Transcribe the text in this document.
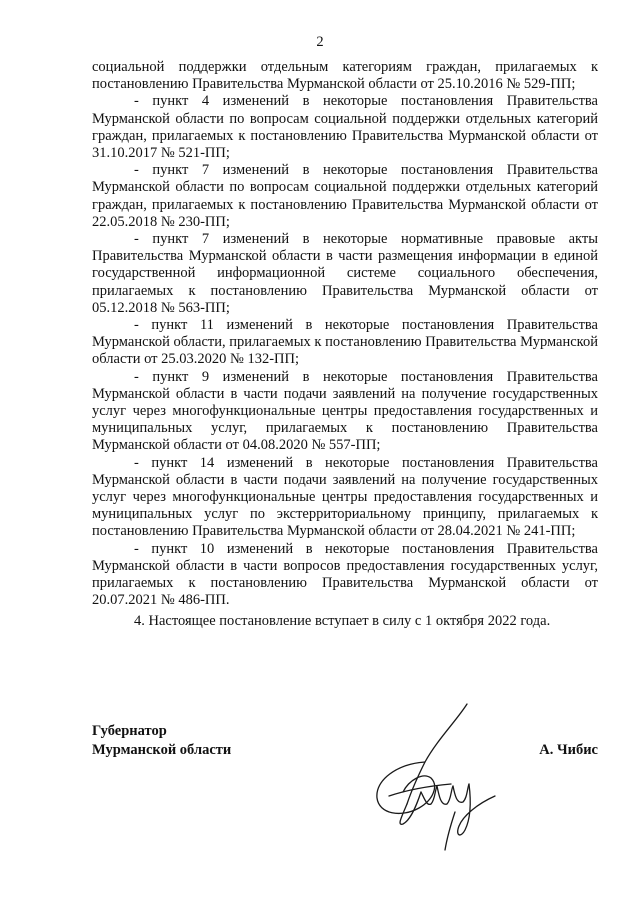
2

социальной поддержки отдельным категориям граждан, прилагаемых к постановлению Правительства Мурманской области от 25.10.2016 № 529-ПП;

- пункт 4 изменений в некоторые постановления Правительства Мурманской области по вопросам социальной поддержки отдельных категорий граждан, прилагаемых к постановлению Правительства Мурманской области от 31.10.2017 № 521-ПП;

- пункт 7 изменений в некоторые постановления Правительства Мурманской области по вопросам социальной поддержки отдельных категорий граждан, прилагаемых к постановлению Правительства Мурманской области от 22.05.2018 № 230-ПП;

- пункт 7 изменений в некоторые нормативные правовые акты Правительства Мурманской области в части размещения информации в единой государственной информационной системе социального обеспечения, прилагаемых к постановлению Правительства Мурманской области от 05.12.2018 № 563-ПП;

- пункт 11 изменений в некоторые постановления Правительства Мурманской области, прилагаемых к постановлению Правительства Мурманской области от 25.03.2020 № 132-ПП;

- пункт 9 изменений в некоторые постановления Правительства Мурманской области в части подачи заявлений на получение государственных услуг через многофункциональные центры предоставления государственных и муниципальных услуг, прилагаемых к постановлению Правительства Мурманской области от 04.08.2020 № 557-ПП;

- пункт 14 изменений в некоторые постановления Правительства Мурманской области в части подачи заявлений на получение государственных услуг через многофункциональные центры предоставления государственных и муниципальных услуг по экстерриториальному принципу, прилагаемых к постановлению Правительства Мурманской области от 28.04.2021 № 241-ПП;

- пункт 10 изменений в некоторые постановления Правительства Мурманской области в части вопросов предоставления государственных услуг, прилагаемых к постановлению Правительства Мурманской области от 20.07.2021 № 486-ПП.

4. Настоящее постановление вступает в силу с 1 октября 2022 года.

Губернатор
Мурманской области	А. Чибис
